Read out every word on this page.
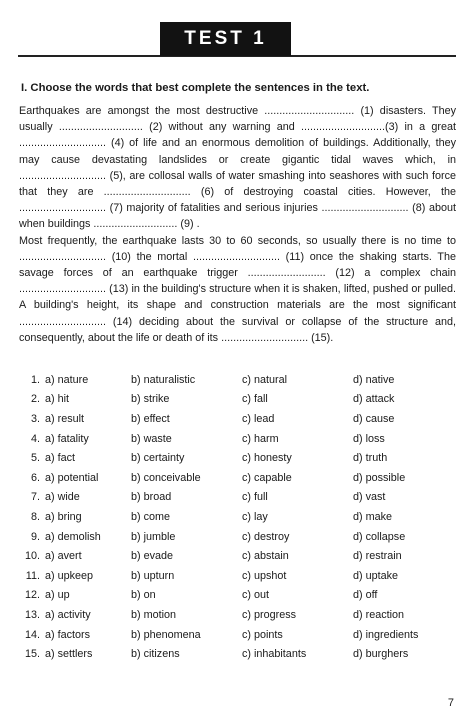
TEST 1
I. Choose the words that best complete the sentences in the text.

Earthquakes are amongst the most destructive .............................. (1) disasters. They usually ............................ (2) without any warning and ............................(3) in a great ............................. (4) of life and an enormous demolition of buildings. Additionally, they may cause devastating landslides or create gigantic tidal waves which, in ............................. (5), are collosal walls of water smashing into seashores with such force that they are ............................. (6) of destroying coastal cities. However, the ............................. (7) majority of fatalities and serious injuries ............................. (8) about when buildings ............................ (9) .

Most frequently, the earthquake lasts 30 to 60 seconds, so usually there is no time to ............................. (10) the mortal ............................. (11) once the shaking starts. The savage forces of an earthquake trigger .......................... (12) a complex chain ............................. (13) in the building's structure when it is shaken, lifted, pushed or pulled. A building's height, its shape and construction materials are the most significant ............................. (14) deciding about the survival or collapse of the structure and, consequently, about the life or death of its ............................. (15).

1. a) nature	b) naturalistic	c) natural	d) native
2. a) hit	b) strike	c) fall	d) attack
3. a) result	b) effect	c) lead	d) cause
4. a) fatality	b) waste	c) harm	d) loss
5. a) fact	b) certainty	c) honesty	d) truth
6. a) potential	b) conceivable	c) capable	d) possible
7. a) wide	b) broad	c) full	d) vast
8. a) bring	b) come	c) lay	d) make
9. a) demolish	b) jumble	c) destroy	d) collapse
10. a) avert	b) evade	c) abstain	d) restrain
11. a) upkeep	b) upturn	c) upshot	d) uptake
12. a) up	b) on	c) out	d) off
13. a) activity	b) motion	c) progress	d) reaction
14. a) factors	b) phenomena	c) points	d) ingredients
15. a) settlers	b) citizens	c) inhabitants	d) burghers
7
